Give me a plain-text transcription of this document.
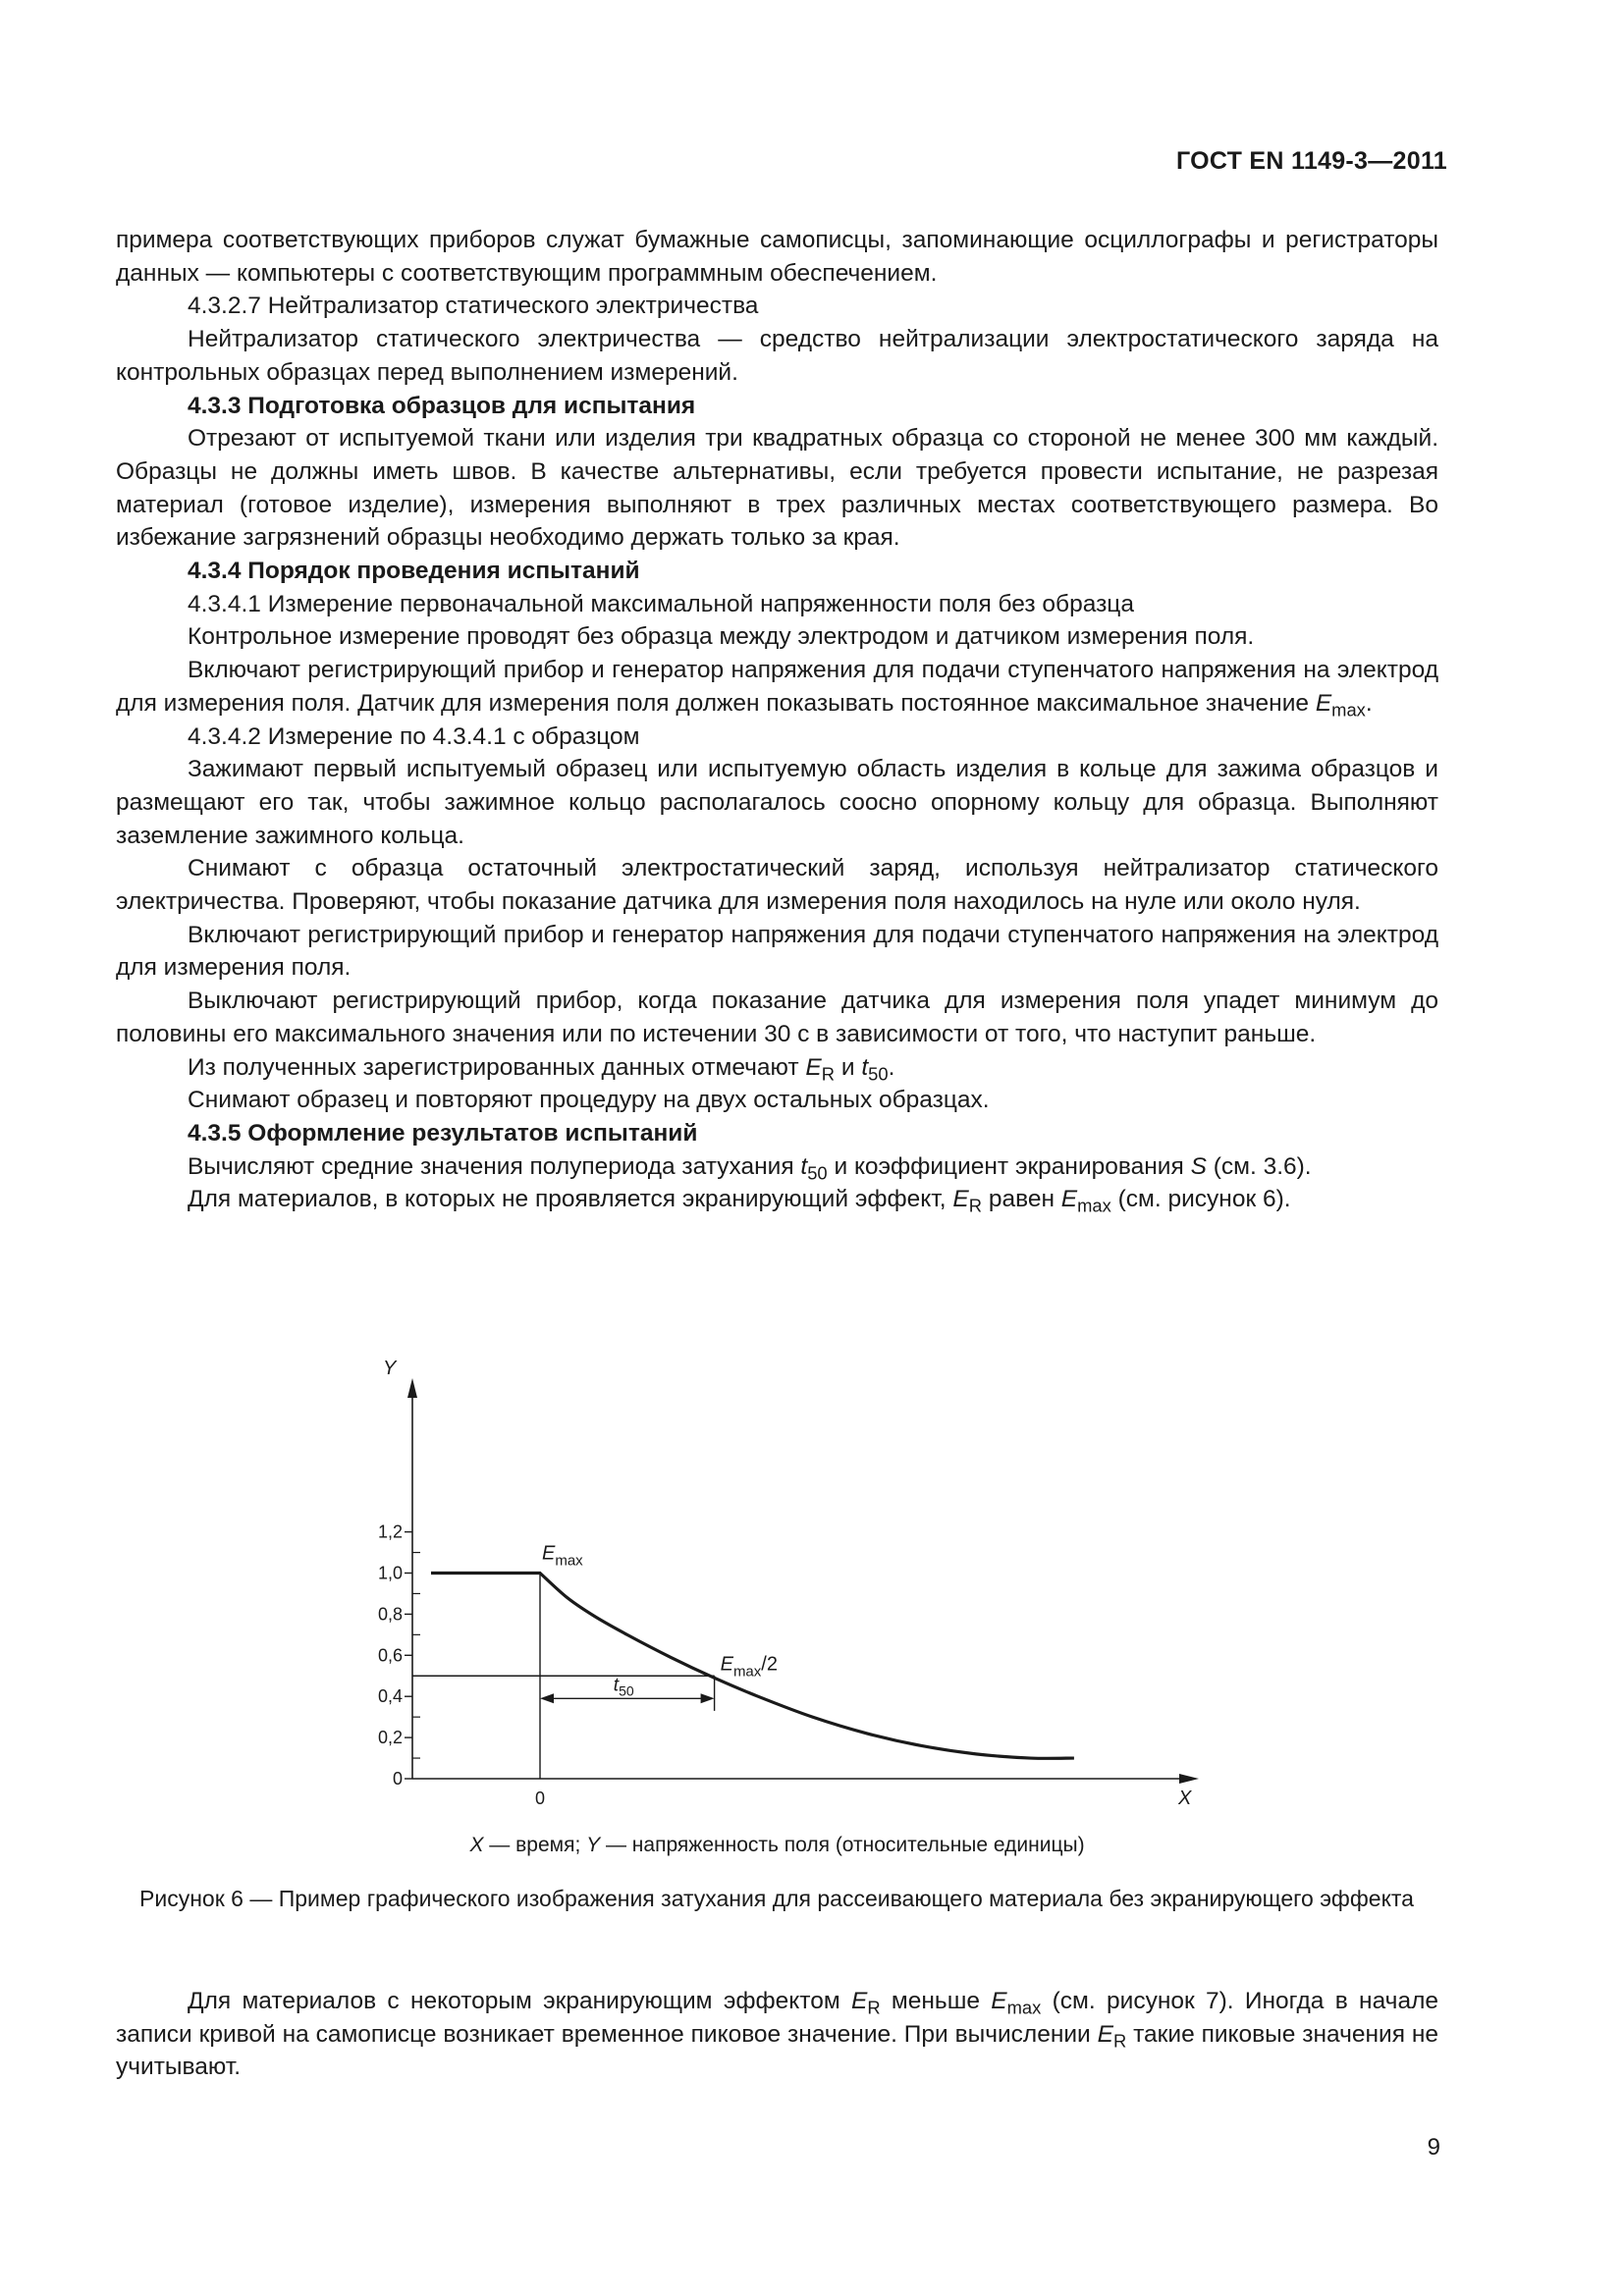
ГОСТ EN 1149-3—2011

примера соответствующих приборов служат бумажные самописцы, запоминающие осциллографы и регистраторы данных — компьютеры с соответствующим программным обеспечением.

4.3.2.7 Нейтрализатор статического электричества

Нейтрализатор статического электричества — средство нейтрализации электростатического заряда на контрольных образцах перед выполнением измерений.

4.3.3 Подготовка образцов для испытания

Отрезают от испытуемой ткани или изделия три квадратных образца со стороной не менее 300 мм каждый. Образцы не должны иметь швов. В качестве альтернативы, если требуется провести испытание, не разрезая материал (готовое изделие), измерения выполняют в трех различных местах соответствующего размера. Во избежание загрязнений образцы необходимо держать только за края.

4.3.4 Порядок проведения испытаний

4.3.4.1 Измерение первоначальной максимальной напряженности поля без образца

Контрольное измерение проводят без образца между электродом и датчиком измерения поля.

Включают регистрирующий прибор и генератор напряжения для подачи ступенчатого напряжения на электрод для измерения поля. Датчик для измерения поля должен показывать постоянное максимальное значение $E_{max}$.

4.3.4.2 Измерение по 4.3.4.1 с образцом

Зажимают первый испытуемый образец или испытуемую область изделия в кольце для зажима образцов и размещают его так, чтобы зажимное кольцо располагалось соосно опорному кольцу для образца. Выполняют заземление зажимного кольца.

Снимают с образца остаточный электростатический заряд, используя нейтрализатор статического электричества. Проверяют, чтобы показание датчика для измерения поля находилось на нуле или около нуля.

Включают регистрирующий прибор и генератор напряжения для подачи ступенчатого напряжения на электрод для измерения поля.

Выключают регистрирующий прибор, когда показание датчика для измерения поля упадет минимум до половины его максимального значения или по истечении 30 с в зависимости от того, что наступит раньше.

Из полученных зарегистрированных данных отмечают $E_R$ и $t_{50}$.

Снимают образец и повторяют процедуру на двух остальных образцах.

4.3.5 Оформление результатов испытаний

Вычисляют средние значения полупериода затухания $t_{50}$ и коэффициент экранирования S (см. 3.6).

Для материалов, в которых не проявляется экранирующий эффект, $E_R$ равен $E_{max}$ (см. рисунок 6).

Y
X
0
0,2
0,4
0,6
0,8
1,0
1,2
0
$t_{50}$
$E_{max}$
$E_{max}/2$
X — время; Y — напряженность поля (относительные единицы)
Рисунок 6 — Пример графического изображения затухания для рассеивающего материала без экранирующего эффекта

Для материалов с некоторым экранирующим эффектом $E_R$ меньше $E_{max}$ (см. рисунок 7). Иногда в начале записи кривой на самописце возникает временное пиковое значение. При вычислении $E_R$ такие пиковые значения не учитывают.

9
